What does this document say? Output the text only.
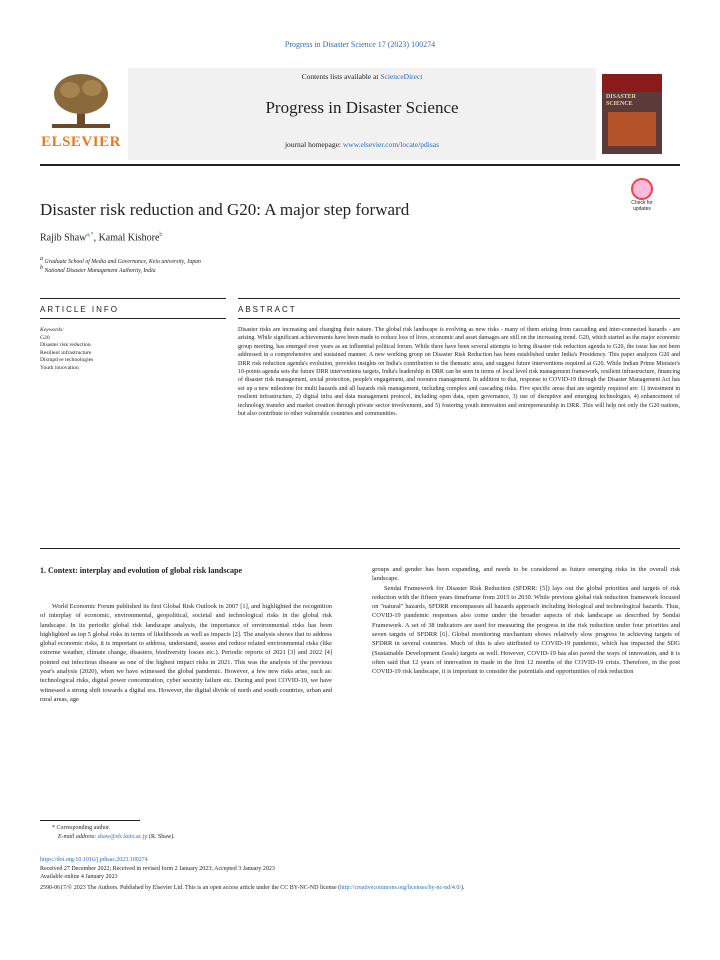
Progress in Disaster Science 17 (2023) 100274
ELSEVIER
Contents lists available at ScienceDirect
Progress in Disaster Science
journal homepage: www.elsevier.com/locate/pdisas
DISASTER SCIENCE
Disaster risk reduction and G20: A major step forward	Check for updates
Rajib Shaw$^{a,*}$, Kamal Kishore$^b$
a Graduate School of Media and Governance, Keio university, Japan
b National Disaster Management Authority, India
ARTICLE INFO	ABSTRACT
Keywords:
G20
Disaster risk reduction
Resilient infrastructure
Disruptive technologies
Youth innovation
Disaster risks are increasing and changing their nature. The global risk landscape is evolving as new risks - many of them arising from cascading and inter-connected hazards - are arising. While significant achievements have been made to reduce loss of lives, economic and asset damages are still on the increasing trend. G20, which started as the major economic group meeting, has emerged over years as an influential political forum. While there have been several attempts to bring disaster risk reduction agenda to G20, the issue has not been addressed in a comprehensive and sustained manner. A new working group on Disaster Risk Reduction has been established under India's Presidency. This paper analyzes G20 and DRR risk reduction agenda's evolution, provides insights on India's contribution to the thematic area, and suggest future interventions required at G20. While Indian Prime Minister's 10-points agenda sets the future DRR interventions targets, India's leadership in DRR can be seen in terms of local level risk management framework, resilient infrastructure, financing of disaster risk management, social protection, people's engagement, and resource management. In addition to that, response to COVID-19 through the Disaster Management Act has set up a new milestone for multi hazards and all hazards risk management, including complex and cascading risks. Five specific areas that are urgently required are: 1) investment in resilient infrastructure, 2) digital infra and data management protocol, including open data, open governance, 3) use of disruptive and emerging technologies, 4) enhancement of technology transfer and market creation through private sector involvement, and 5) fostering youth innovation and entrepreneurship in DRR. This will help not only the G20 nations, but also contribute to other vulnerable countries and communities.
1. Context: interplay and evolution of global risk landscape

World Economic Forum published its first Global Risk Outlook in 2007 [1], and highlighted the recognition of interplay of economic, environmental, geopolitical, societal and technological risks in the global risk landscape. In its periodic global risk landscape analysis, the importance of environmental risks has been highlighted as top 5 global risks in terms of likelihoods as well as impacts [2]. The analysis shows that to address global economic risks, it is important to address, understand, assess and reduce related environmental risks (like extreme weather, climate change, disasters, biodiversity losses etc.). Periodic reports of 2021 [3] and 2022 [4] pointed out infectious disease as one of the highest impact risks in 2021. This was the analysis of the previous year's analysis (2020), when we have witnessed the global pandemic. However, a few new risks arise, such as: technological risks, digital power concentration, cyber security failure etc. During and post COVID-19, we have witnessed a strong shift towards a digital era. However, the digital divide of north and south countries, urban and rural areas, age

groups and gender has been expanding, and needs to be considered as future emerging risks in the overall risk landscape.

Sendai Framework for Disaster Risk Reduction (SFDRR: [5]) lays out the global priorities and targets of risk reduction with the fifteen years timeframe from 2015 to 2030. While previous global risk reduction framework focused on "natural" hazards, SFDRR encompasses all hazards approach including biological and technological hazards. Thus, COVID-19 pandemic responses also come under the broader aspects of risk landscape as described by Sendai Framework. A set of 38 indicators are used for measuring the progress in the risk reduction under four priorities and seven targets of SFDRR [6]. Global monitoring mechanism shows relatively slow progress in achieving targets of SFDRR in several countries. Much of this is also attributed to COVID-19 pandemic, which has impacted the SDG (Sustainable Development Goals) targets as well. However, COVID-19 has also paved the ways of innovation, and it is often said that 12 years of innovation in made in the first 12 months of the COVID-19 crisis. Therefore, in the post COVID-19 risk landscape, it is important to consider the potentials and opportunities of risk reduction

* Corresponding author.
E-mail address: shaw@sfc.keio.ac.jp (R. Shaw).
https://doi.org/10.1016/j.pdisas.2023.100274
Received 27 December 2022; Received in revised form 2 January 2023; Accepted 3 January 2023
Available online 4 January 2023
2590-0617/© 2023 The Authors. Published by Elsevier Ltd. This is an open access article under the CC BY-NC-ND license (http://creativecommons.org/licenses/by-nc-nd/4.0/).
